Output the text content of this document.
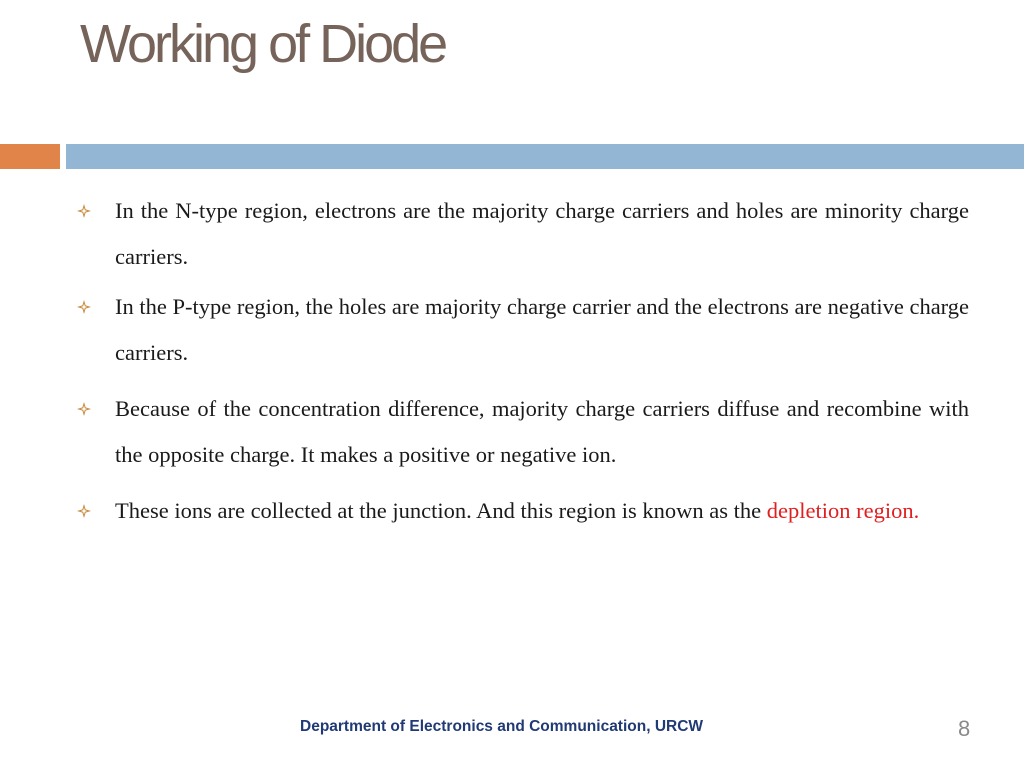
Working of Diode
In the N-type region, electrons are the majority charge carriers and holes are minority charge carriers.
In the P-type region, the holes are majority charge carrier and the electrons are negative charge carriers.
Because of the concentration difference, majority charge carriers diffuse and recombine with the opposite charge. It makes a positive or negative ion.
These ions are collected at the junction. And this region is known as the depletion region.
Department of Electronics and Communication, URCW	8
